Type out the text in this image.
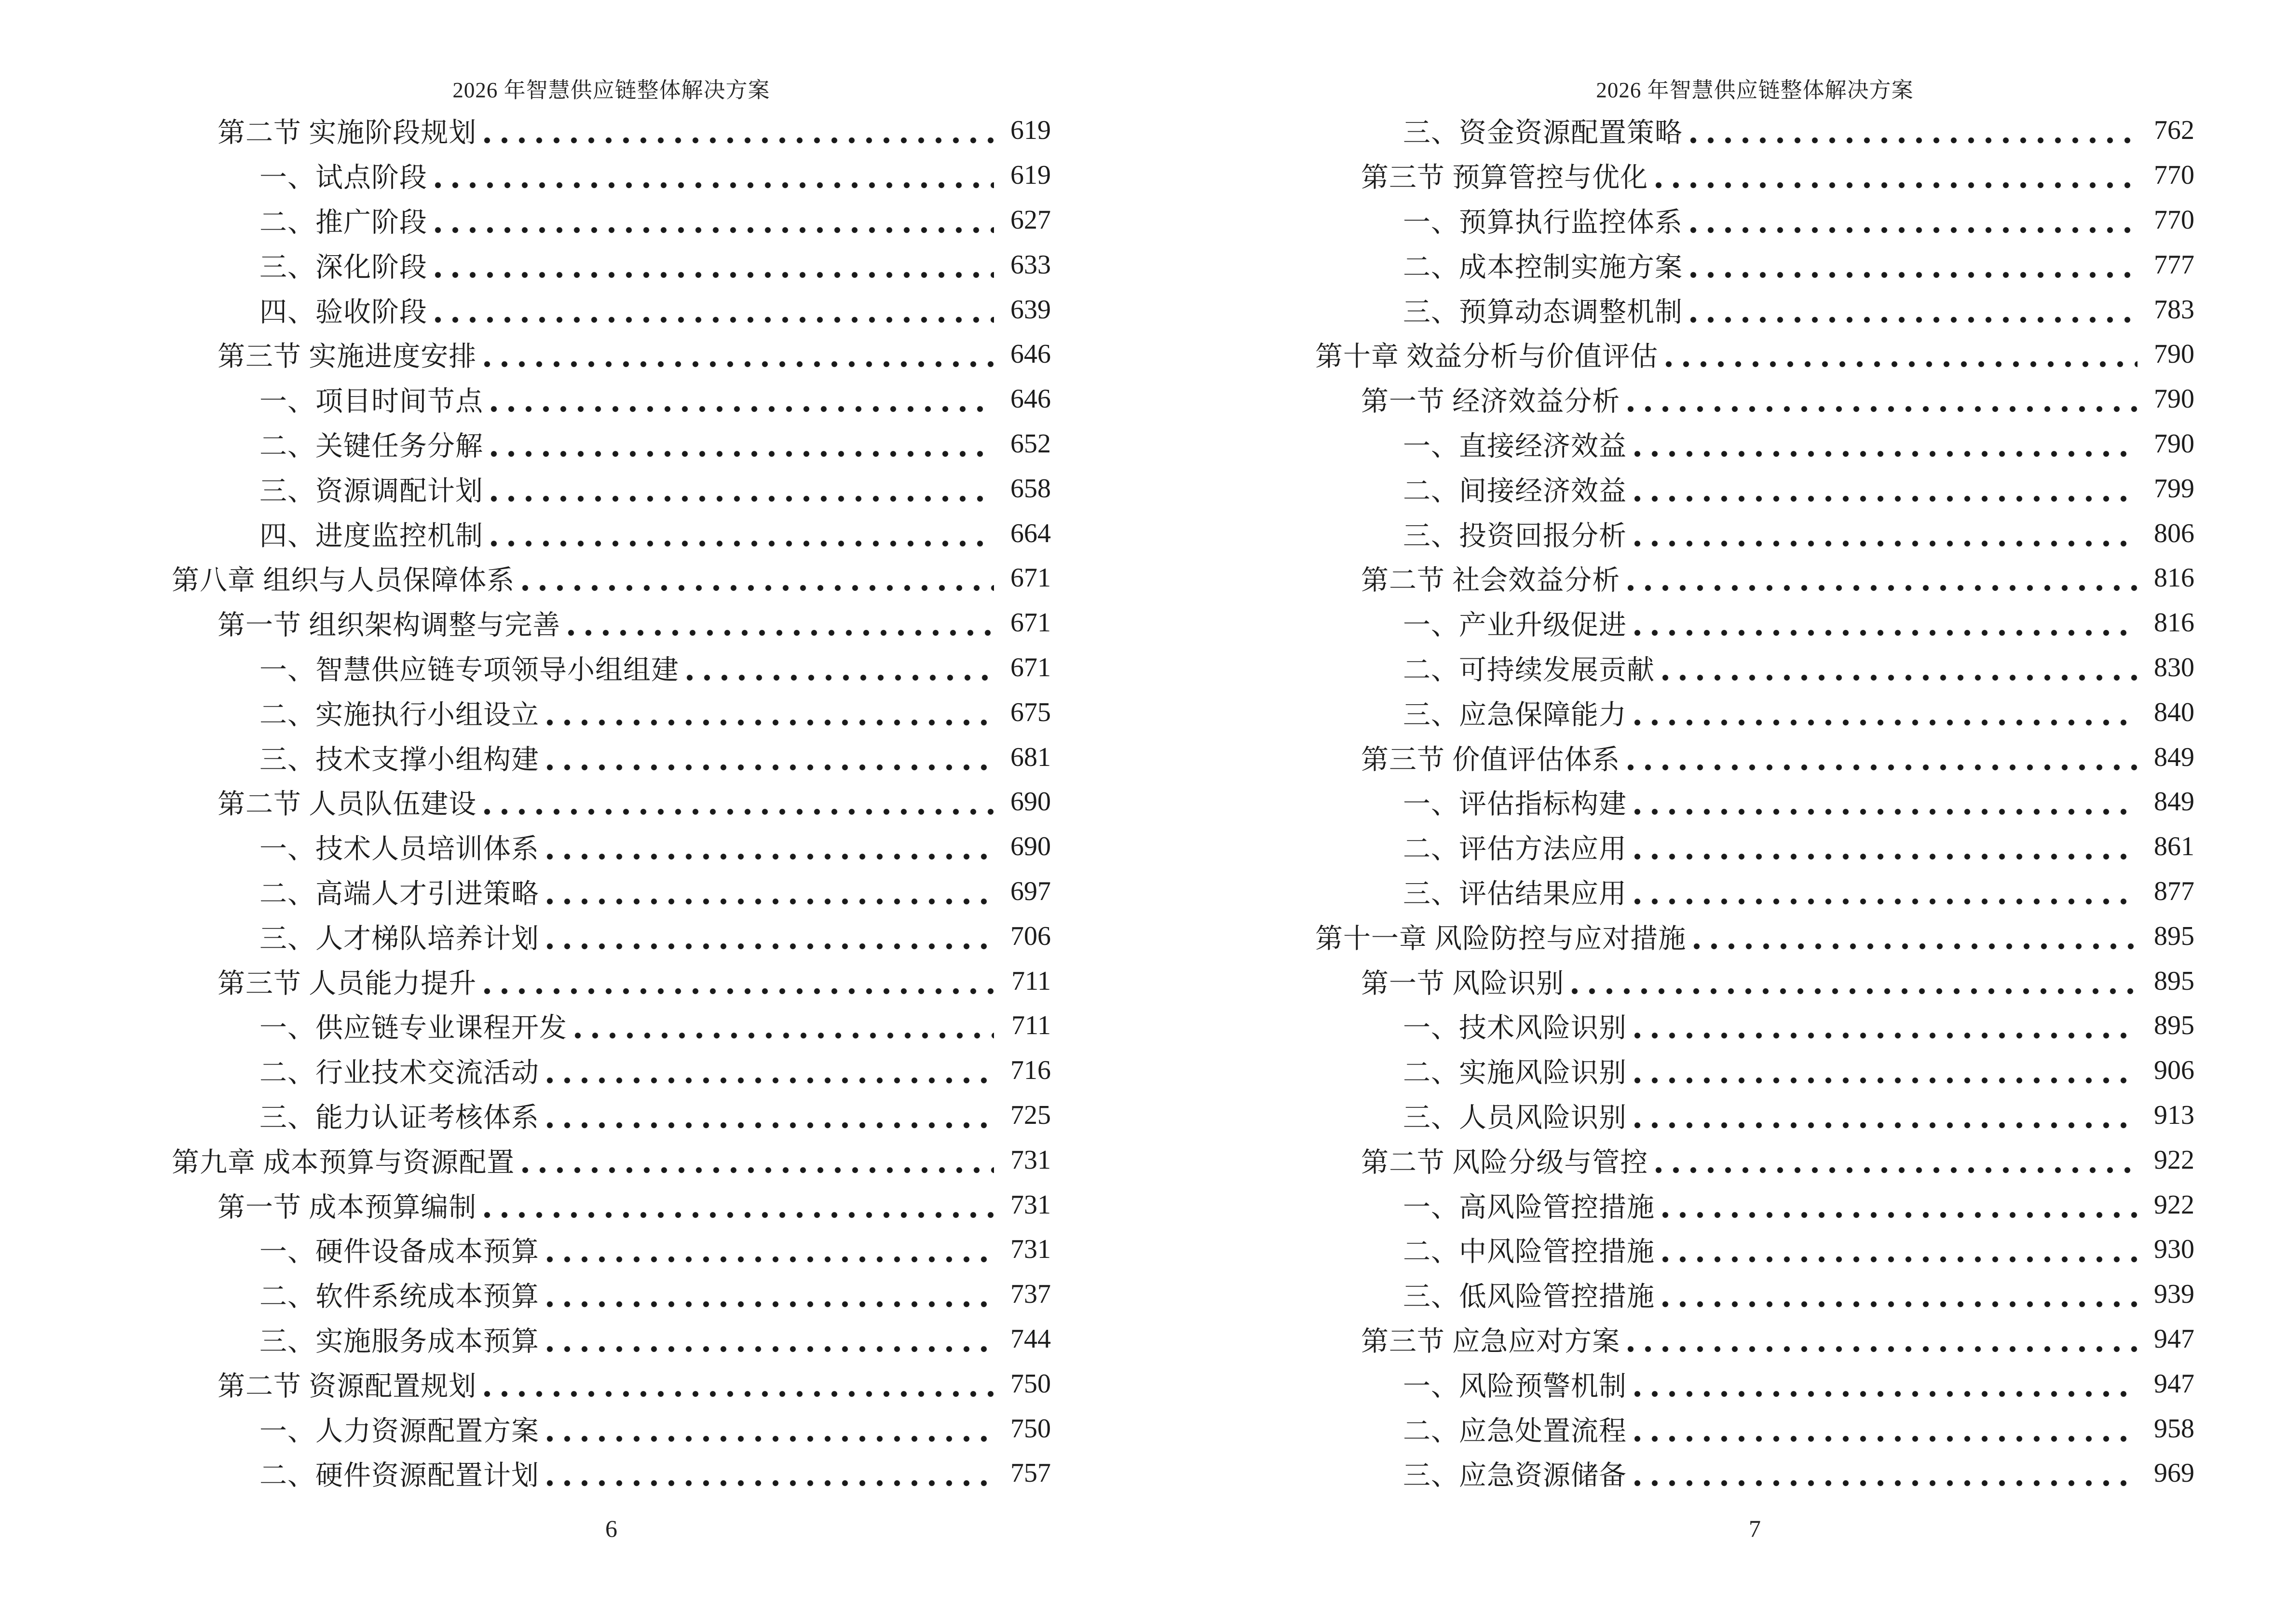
2026 年智慧供应链整体解决方案
第二节 实施阶段规划	619
一、试点阶段	619
二、推广阶段	627
三、深化阶段	633
四、验收阶段	639
第三节 实施进度安排	646
一、项目时间节点	646
二、关键任务分解	652
三、资源调配计划	658
四、进度监控机制	664
第八章 组织与人员保障体系	671
第一节 组织架构调整与完善	671
一、智慧供应链专项领导小组组建	671
二、实施执行小组设立	675
三、技术支撑小组构建	681
第二节 人员队伍建设	690
一、技术人员培训体系	690
二、高端人才引进策略	697
三、人才梯队培养计划	706
第三节 人员能力提升	711
一、供应链专业课程开发	711
二、行业技术交流活动	716
三、能力认证考核体系	725
第九章 成本预算与资源配置	731
第一节 成本预算编制	731
一、硬件设备成本预算	731
二、软件系统成本预算	737
三、实施服务成本预算	744
第二节 资源配置规划	750
一、人力资源配置方案	750
二、硬件资源配置计划	757
6
2026 年智慧供应链整体解决方案
三、资金资源配置策略	762
第三节 预算管控与优化	770
一、预算执行监控体系	770
二、成本控制实施方案	777
三、预算动态调整机制	783
第十章 效益分析与价值评估	790
第一节 经济效益分析	790
一、直接经济效益	790
二、间接经济效益	799
三、投资回报分析	806
第二节 社会效益分析	816
一、产业升级促进	816
二、可持续发展贡献	830
三、应急保障能力	840
第三节 价值评估体系	849
一、评估指标构建	849
二、评估方法应用	861
三、评估结果应用	877
第十一章 风险防控与应对措施	895
第一节 风险识别	895
一、技术风险识别	895
二、实施风险识别	906
三、人员风险识别	913
第二节 风险分级与管控	922
一、高风险管控措施	922
二、中风险管控措施	930
三、低风险管控措施	939
第三节 应急应对方案	947
一、风险预警机制	947
二、应急处置流程	958
三、应急资源储备	969
7
